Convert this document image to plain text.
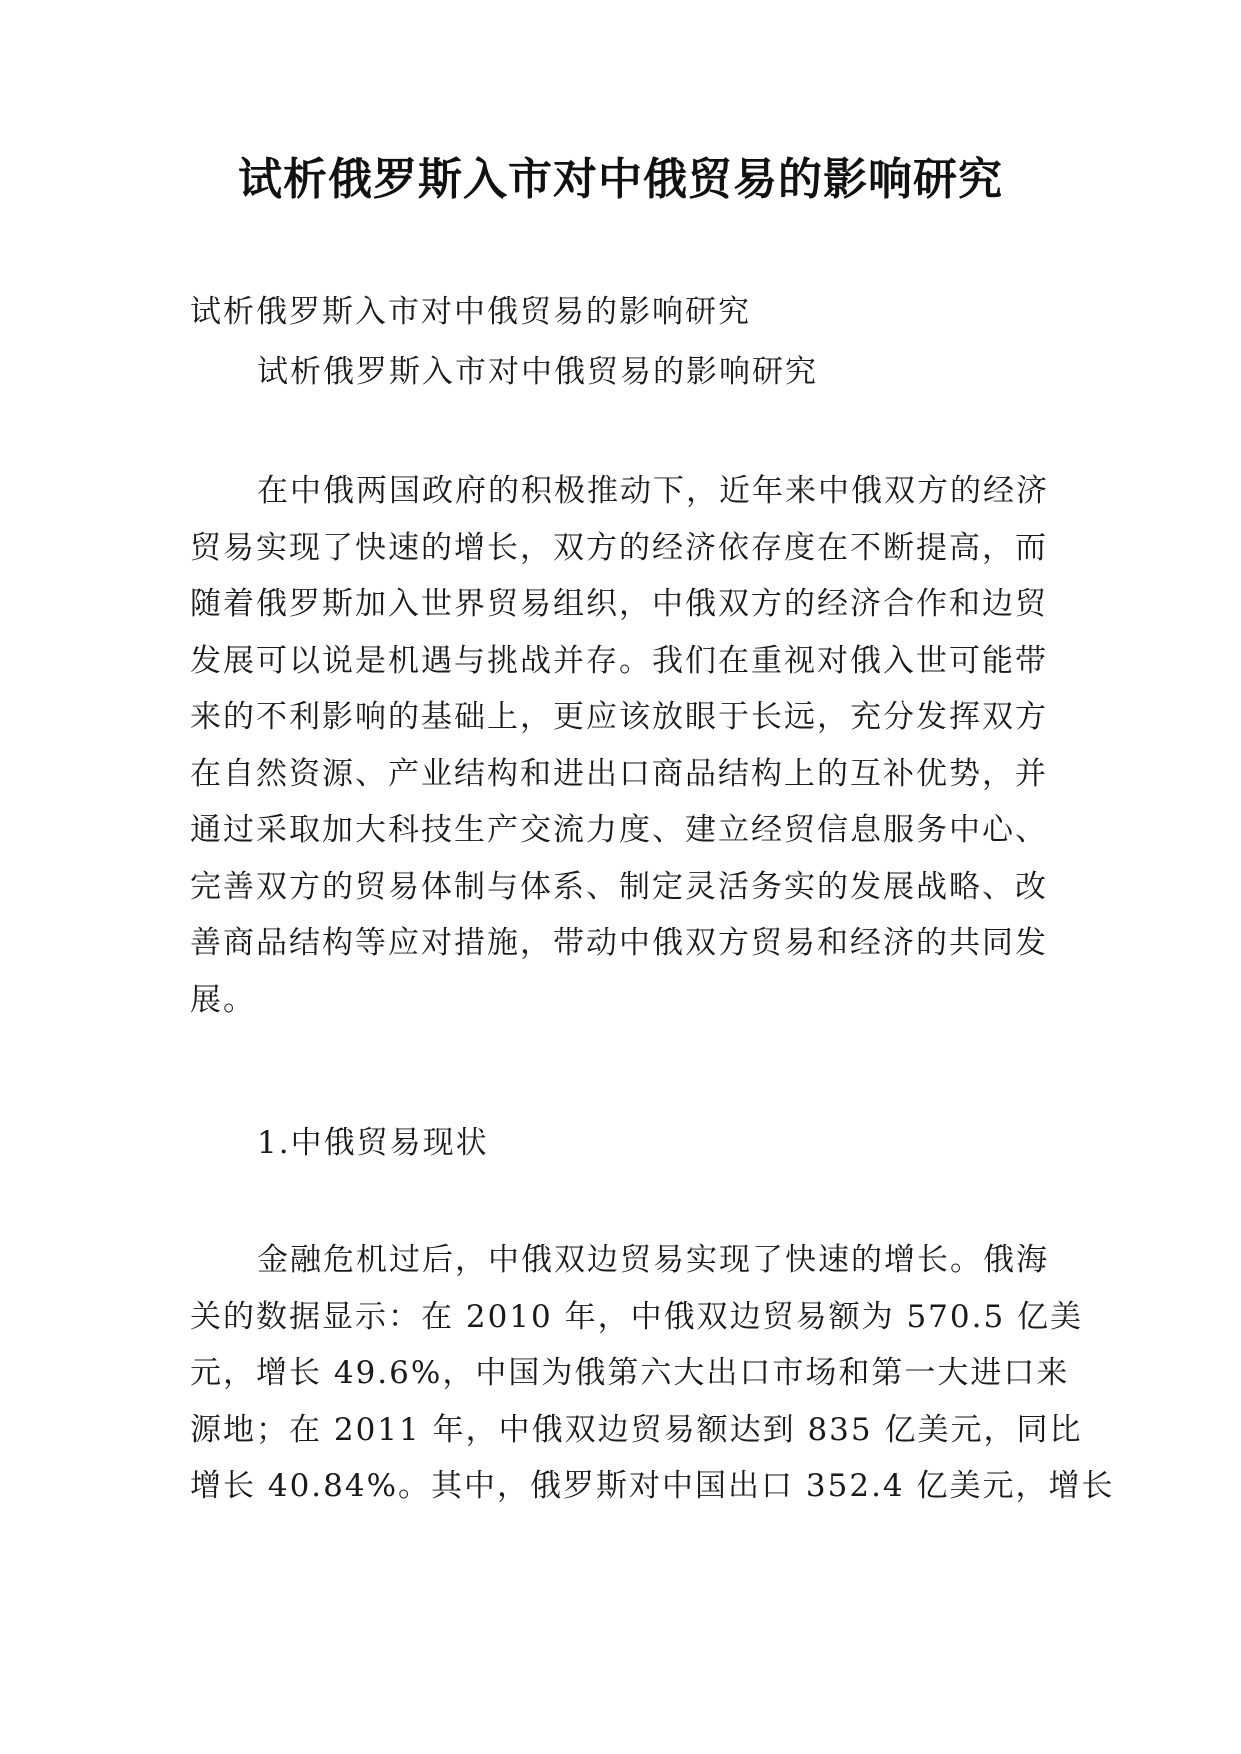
试析俄罗斯入市对中俄贸易的影响研究

试析俄罗斯入市对中俄贸易的影响研究

试析俄罗斯入市对中俄贸易的影响研究

在中俄两国政府的积极推动下，近年来中俄双方的经济
贸易实现了快速的增长，双方的经济依存度在不断提高，而
随着俄罗斯加入世界贸易组织，中俄双方的经济合作和边贸
发展可以说是机遇与挑战并存。我们在重视对俄入世可能带
来的不利影响的基础上，更应该放眼于长远，充分发挥双方
在自然资源、产业结构和进出口商品结构上的互补优势，并
通过采取加大科技生产交流力度、建立经贸信息服务中心、
完善双方的贸易体制与体系、制定灵活务实的发展战略、改
善商品结构等应对措施，带动中俄双方贸易和经济的共同发
展。

1.中俄贸易现状

金融危机过后，中俄双边贸易实现了快速的增长。俄海
关的数据显示：在 2010 年，中俄双边贸易额为 570.5 亿美
元，增长 49.6%，中国为俄第六大出口市场和第一大进口来
源地；在 2011 年，中俄双边贸易额达到 835 亿美元，同比
增长 40.84%。其中，俄罗斯对中国出口 352.4 亿美元，增长
